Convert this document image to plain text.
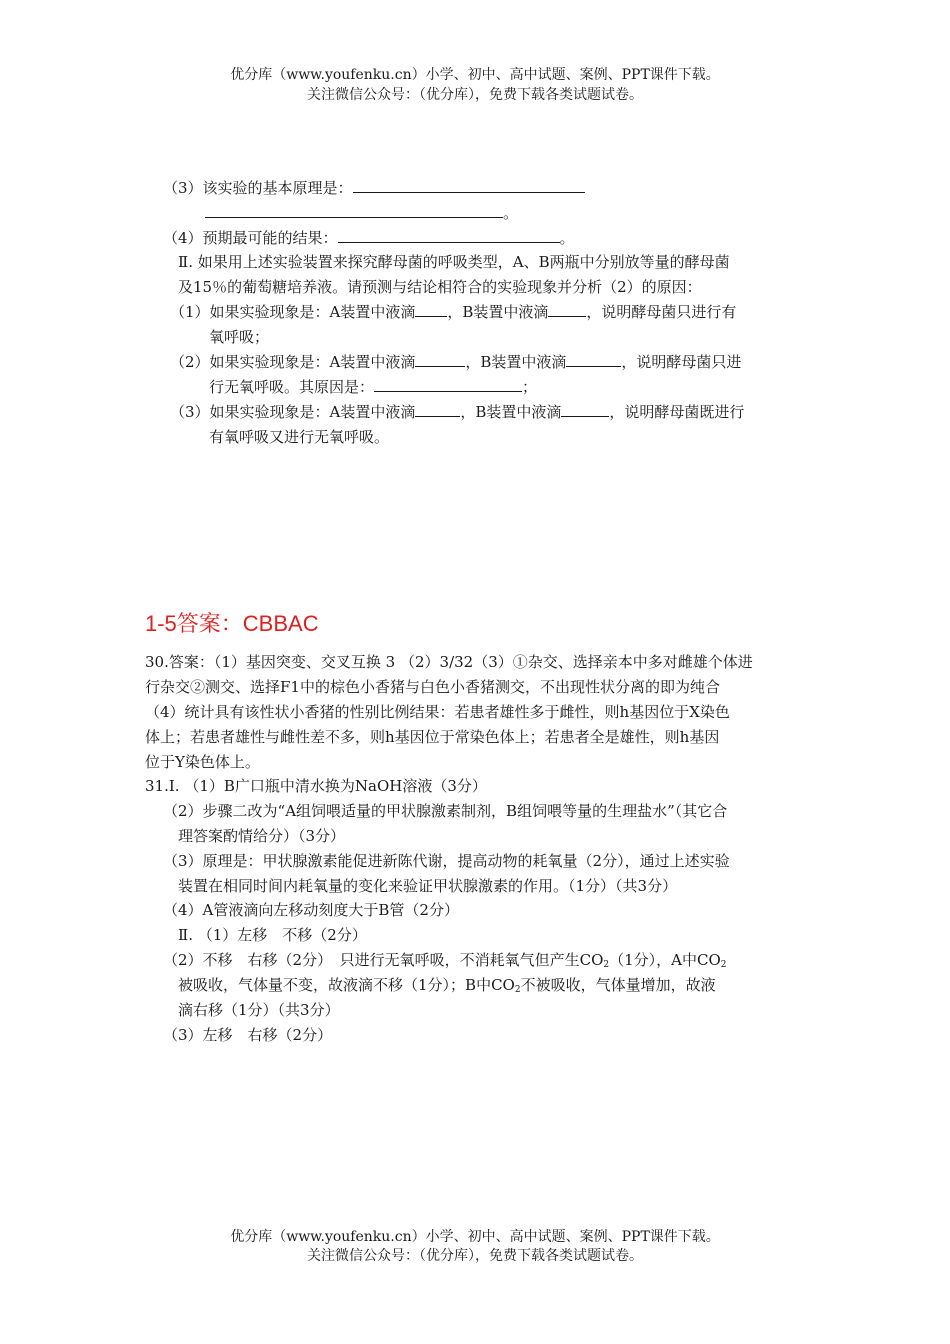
优分库（www.youfenku.cn）小学、初中、高中试题、案例、PPT课件下载。
关注微信公众号：（优分库），免费下载各类试题试卷。
（3）该实验的基本原理是：
。
（4）预期最可能的结果：	。
Ⅱ. 如果用上述实验装置来探究酵母菌的呼吸类型，A、B两瓶中分别放等量的酵母菌
及15％的葡萄糖培养液。请预测与结论相符合的实验现象并分析（2）的原因：
（1）如果实验现象是：A装置中液滴 ，B装置中液滴	，说明酵母菌只进行有
氧呼吸；
（2）如果实验现象是：A装置中液滴	，B装置中液滴	，说明酵母菌只进
行无氧呼吸。其原因是：	；
（3）如果实验现象是：A装置中液滴	，B装置中液滴	，说明酵母菌既进行
有氧呼吸又进行无氧呼吸。
1-5答案：CBBAC
30.答案：（1）基因突变、交叉互换 3 （2）3/32（3）①杂交、选择亲本中多对雌雄个体进
行杂交②测交、选择F1中的棕色小香猪与白色小香猪测交，不出现性状分离的即为纯合
（4）统计具有该性状小香猪的性别比例结果：若患者雄性多于雌性，则h基因位于X染色
体上；若患者雄性与雌性差不多，则h基因位于常染色体上；若患者全是雄性，则h基因
位于Y染色体上。
31.Ⅰ. （1）B广口瓶中清水换为NaOH溶液（3分）
（2）步骤二改为“A组饲喂适量的甲状腺激素制剂，B组饲喂等量的生理盐水”（其它合
理答案酌情给分）（3分）
（3）原理是：甲状腺激素能促进新陈代谢，提高动物的耗氧量（2分），通过上述实验
装置在相同时间内耗氧量的变化来验证甲状腺激素的作用。（1分）（共3分）
（4）A管液滴向左移动刻度大于B管（2分）
Ⅱ. （1）左移　不移（2分）
（2）不移　右移（2分）　只进行无氧呼吸，不消耗氧气但产生$CO_2(1$分），A中$CO_2$
被吸收，气体量不变，故液滴不移（1分）；B中$CO_2$不被吸收，气体量增加，故液
滴右移（1分）（共3分）
（3）左移　右移（2分）
优分库（www.youfenku.cn）小学、初中、高中试题、案例、PPT课件下载。
关注微信公众号：（优分库），免费下载各类试题试卷。
